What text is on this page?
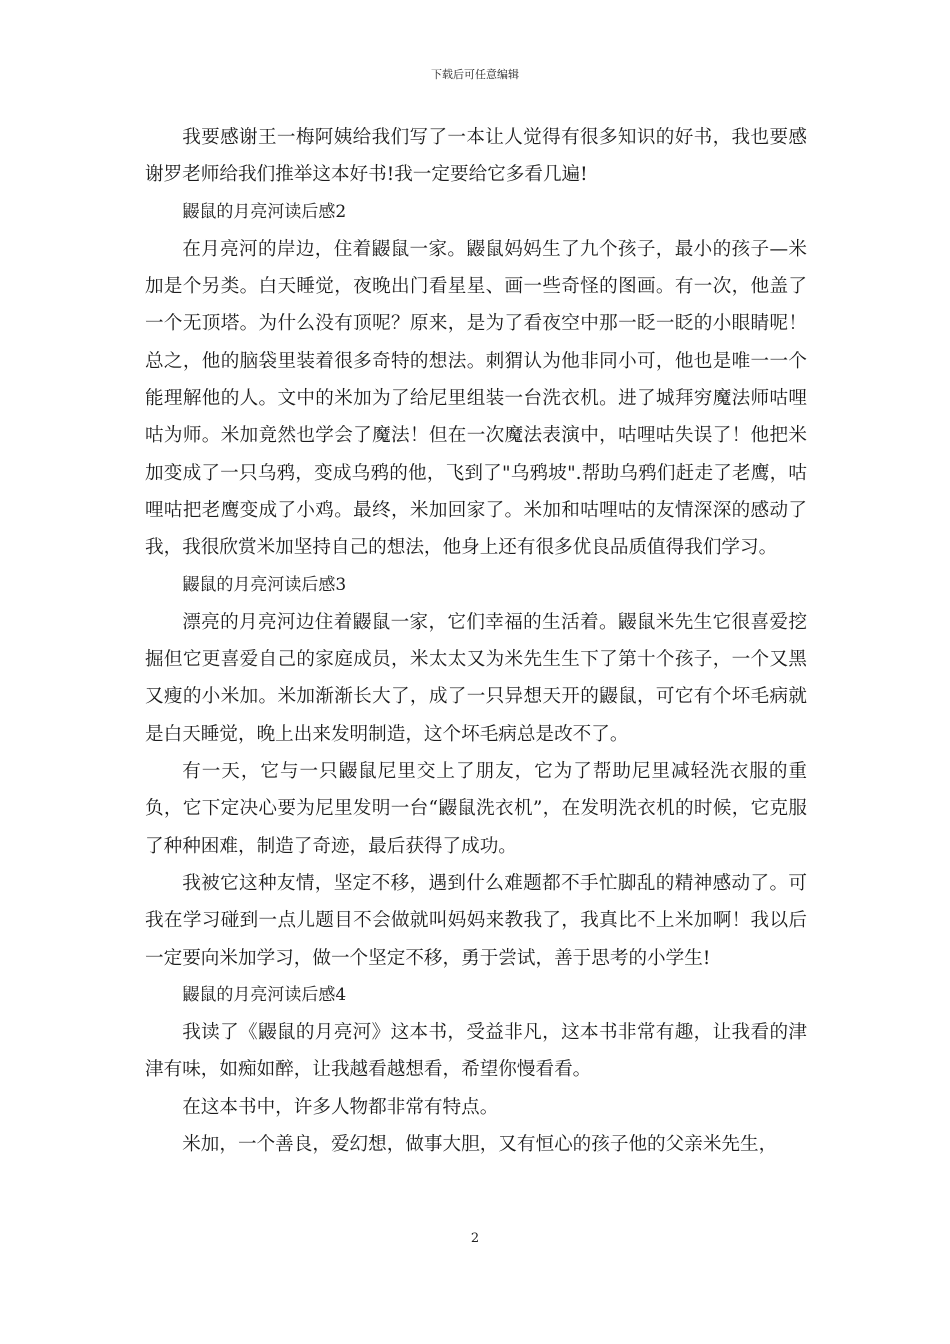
下载后可任意编辑

我要感谢王一梅阿姨给我们写了一本让人觉得有很多知识的好书，我也要感谢罗老师给我们推举这本好书!我一定要给它多看几遍!

鼹鼠的月亮河读后感2

在月亮河的岸边，住着鼹鼠一家。鼹鼠妈妈生了九个孩子，最小的孩子—米加是个另类。白天睡觉，夜晚出门看星星、画一些奇怪的图画。有一次，他盖了一个无顶塔。为什么没有顶呢？原来，是为了看夜空中那一眨一眨的小眼睛呢！总之，他的脑袋里装着很多奇特的想法。刺猬认为他非同小可，他也是唯一一个能理解他的人。文中的米加为了给尼里组装一台洗衣机。进了城拜穷魔法师咕哩咕为师。米加竟然也学会了魔法！但在一次魔法表演中，咕哩咕失误了！他把米加变成了一只乌鸦，变成乌鸦的他，飞到了"乌鸦坡".帮助乌鸦们赶走了老鹰，咕哩咕把老鹰变成了小鸡。最终，米加回家了。米加和咕哩咕的友情深深的感动了我，我很欣赏米加坚持自己的想法，他身上还有很多优良品质值得我们学习。

鼹鼠的月亮河读后感3

漂亮的月亮河边住着鼹鼠一家，它们幸福的生活着。鼹鼠米先生它很喜爱挖掘但它更喜爱自己的家庭成员，米太太又为米先生生下了第十个孩子，一个又黑又瘦的小米加。米加渐渐长大了，成了一只异想天开的鼹鼠，可它有个坏毛病就是白天睡觉，晚上出来发明制造，这个坏毛病总是改不了。

有一天，它与一只鼹鼠尼里交上了朋友，它为了帮助尼里减轻洗衣服的重负，它下定决心要为尼里发明一台“鼹鼠洗衣机”，在发明洗衣机的时候，它克服了种种困难，制造了奇迹，最后获得了成功。

我被它这种友情，坚定不移，遇到什么难题都不手忙脚乱的精神感动了。可我在学习碰到一点儿题目不会做就叫妈妈来教我了，我真比不上米加啊！我以后一定要向米加学习，做一个坚定不移，勇于尝试，善于思考的小学生!

鼹鼠的月亮河读后感4

我读了《鼹鼠的月亮河》这本书，受益非凡，这本书非常有趣，让我看的津津有味，如痴如醉，让我越看越想看，希望你慢看看。

在这本书中，许多人物都非常有特点。

米加，一个善良，爱幻想，做事大胆，又有恒心的孩子他的父亲米先生，

2
